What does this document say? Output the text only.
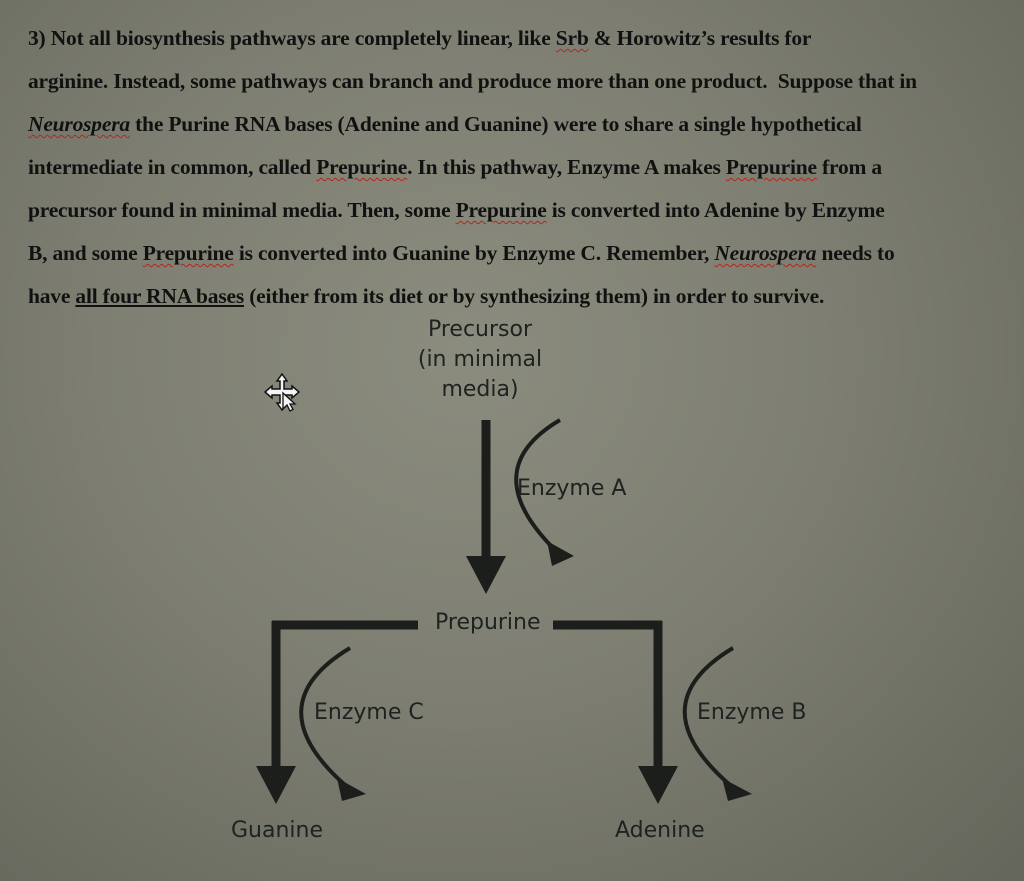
3) Not all biosynthesis pathways are completely linear, like Srb & Horowitz’s results for
arginine. Instead, some pathways can branch and produce more than one product.  Suppose that in
Neurospera the Purine RNA bases (Adenine and Guanine) were to share a single hypothetical
intermediate in common, called Prepurine. In this pathway, Enzyme A makes Prepurine from a
precursor found in minimal media. Then, some Prepurine is converted into Adenine by Enzyme
B, and some Prepurine is converted into Guanine by Enzyme C. Remember, Neurospera needs to
have all four RNA bases (either from its diet or by synthesizing them) in order to survive.
Precursor
(in minimal
media)
Enzyme A
Prepurine
Enzyme C	Enzyme B
Guanine	Adenine
